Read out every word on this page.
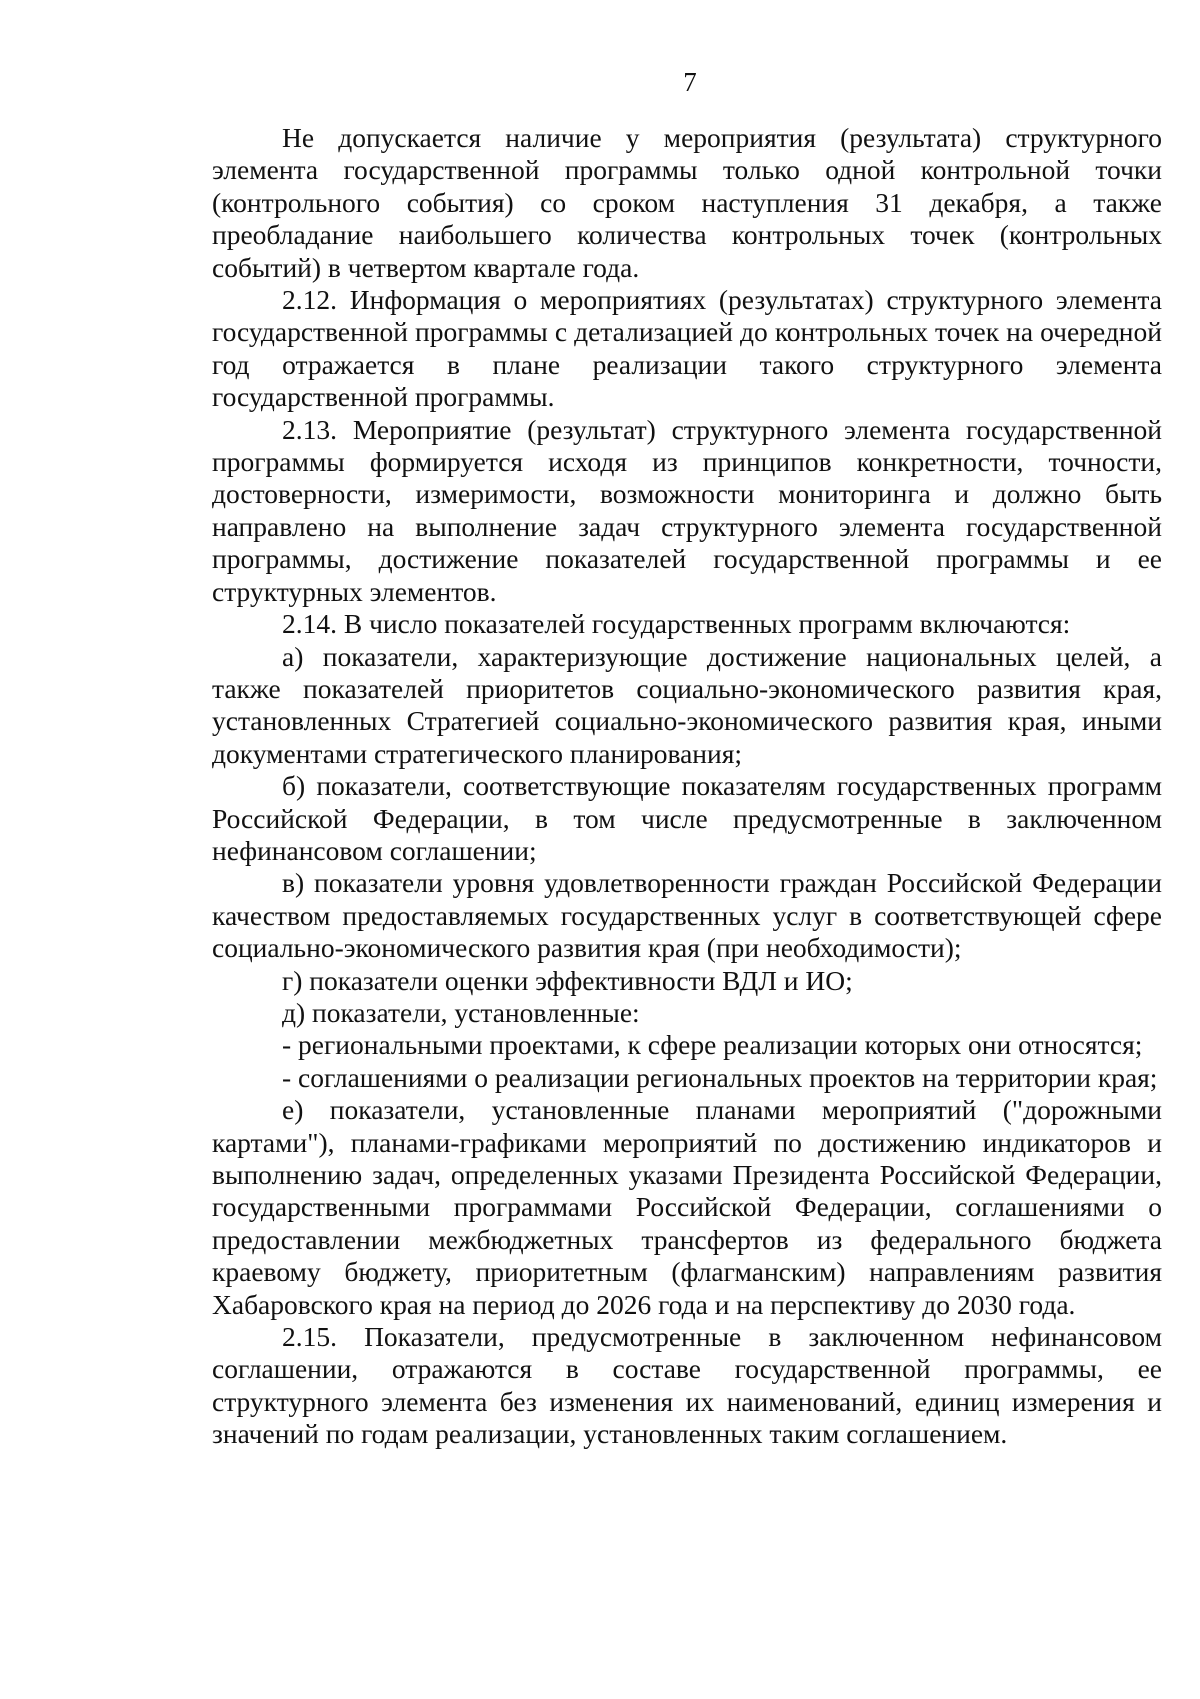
7

Не допускается наличие у мероприятия (результата) структурного элемента государственной программы только одной контрольной точки (контрольного события) со сроком наступления 31 декабря, а также преобладание наибольшего количества контрольных точек (контрольных событий) в четвертом квартале года.

2.12. Информация о мероприятиях (результатах) структурного элемента государственной программы с детализацией до контрольных точек на очередной год отражается в плане реализации такого структурного элемента государственной программы.

2.13. Мероприятие (результат) структурного элемента государственной программы формируется исходя из принципов конкретности, точности, достоверности, измеримости, возможности мониторинга и должно быть направлено на выполнение задач структурного элемента государственной программы, достижение показателей государственной программы и ее структурных элементов.

2.14. В число показателей государственных программ включаются:

а) показатели, характеризующие достижение национальных целей, а также показателей приоритетов социально-экономического развития края, установленных Стратегией социально-экономического развития края, иными документами стратегического планирования;

б) показатели, соответствующие показателям государственных программ Российской Федерации, в том числе предусмотренные в заключенном нефинансовом соглашении;

в) показатели уровня удовлетворенности граждан Российской Федерации качеством предоставляемых государственных услуг в соответствующей сфере социально-экономического развития края (при необходимости);

г) показатели оценки эффективности ВДЛ и ИО;

д) показатели, установленные:

- региональными проектами, к сфере реализации которых они относятся;

- соглашениями о реализации региональных проектов на территории края;

е) показатели, установленные планами мероприятий ("дорожными картами"), планами-графиками мероприятий по достижению индикаторов и выполнению задач, определенных указами Президента Российской Федерации, государственными программами Российской Федерации, соглашениями о предоставлении межбюджетных трансфертов из федерального бюджета краевому бюджету, приоритетным (флагманским) направлениям развития Хабаровского края на период до 2026 года и на перспективу до 2030 года.

2.15. Показатели, предусмотренные в заключенном нефинансовом соглашении, отражаются в составе государственной программы, ее структурного элемента без изменения их наименований, единиц измерения и значений по годам реализации, установленных таким соглашением.
